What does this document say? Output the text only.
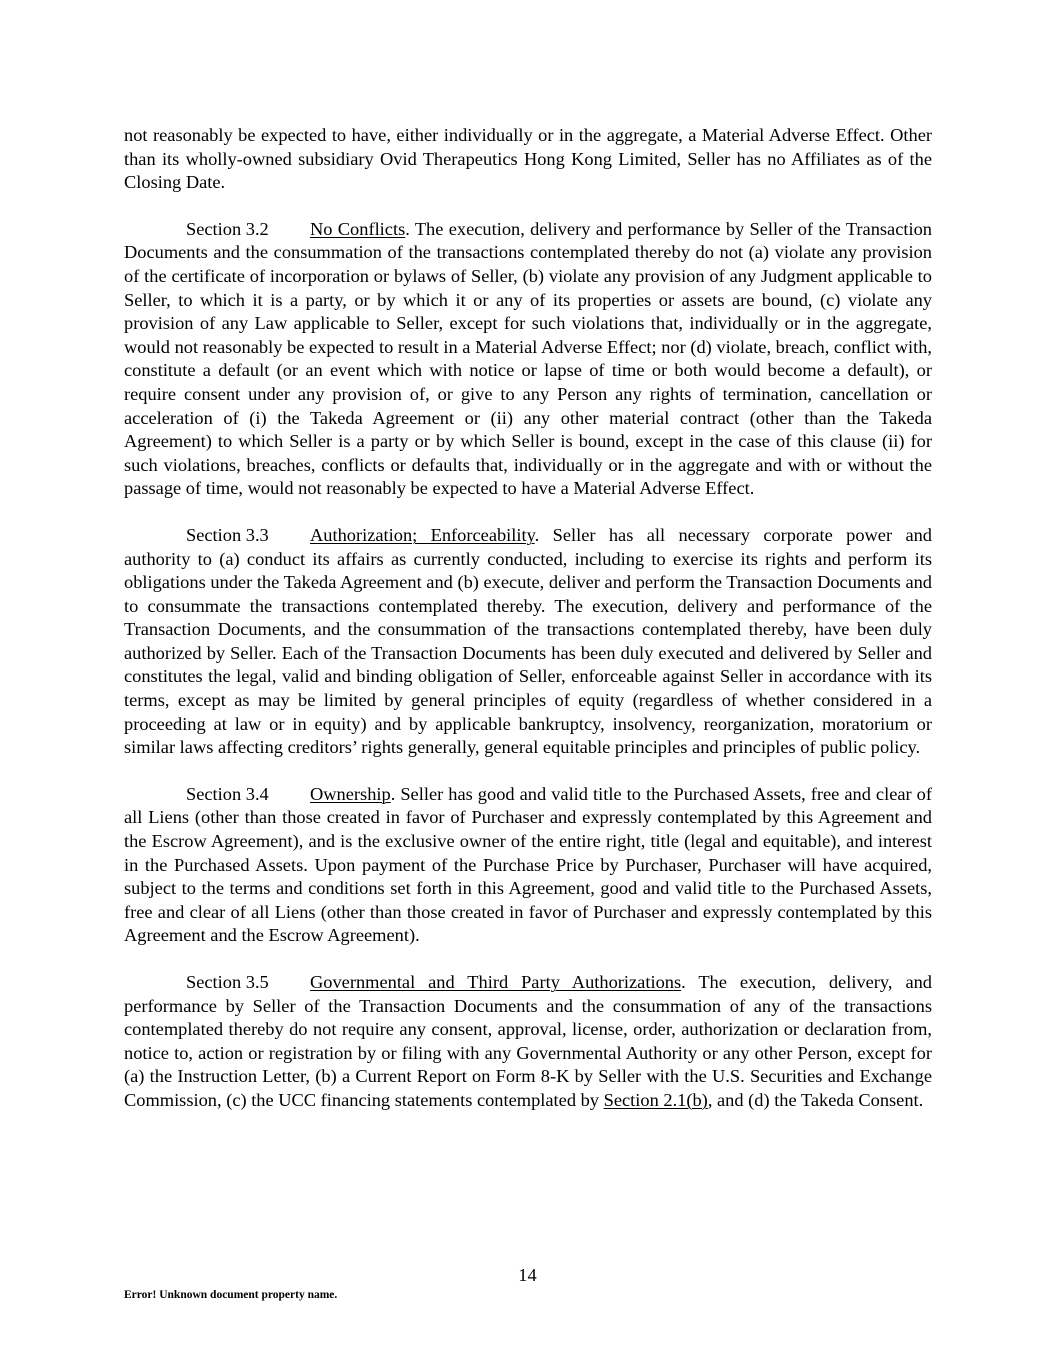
not reasonably be expected to have, either individually or in the aggregate, a Material Adverse Effect. Other than its wholly-owned subsidiary Ovid Therapeutics Hong Kong Limited, Seller has no Affiliates as of the Closing Date.

Section 3.2 No Conflicts. The execution, delivery and performance by Seller of the Transaction Documents and the consummation of the transactions contemplated thereby do not (a) violate any provision of the certificate of incorporation or bylaws of Seller, (b) violate any provision of any Judgment applicable to Seller, to which it is a party, or by which it or any of its properties or assets are bound, (c) violate any provision of any Law applicable to Seller, except for such violations that, individually or in the aggregate, would not reasonably be expected to result in a Material Adverse Effect; nor (d) violate, breach, conflict with, constitute a default (or an event which with notice or lapse of time or both would become a default), or require consent under any provision of, or give to any Person any rights of termination, cancellation or acceleration of (i) the Takeda Agreement or (ii) any other material contract (other than the Takeda Agreement) to which Seller is a party or by which Seller is bound, except in the case of this clause (ii) for such violations, breaches, conflicts or defaults that, individually or in the aggregate and with or without the passage of time, would not reasonably be expected to have a Material Adverse Effect.

Section 3.3 Authorization; Enforceability. Seller has all necessary corporate power and authority to (a) conduct its affairs as currently conducted, including to exercise its rights and perform its obligations under the Takeda Agreement and (b) execute, deliver and perform the Transaction Documents and to consummate the transactions contemplated thereby. The execution, delivery and performance of the Transaction Documents, and the consummation of the transactions contemplated thereby, have been duly authorized by Seller. Each of the Transaction Documents has been duly executed and delivered by Seller and constitutes the legal, valid and binding obligation of Seller, enforceable against Seller in accordance with its terms, except as may be limited by general principles of equity (regardless of whether considered in a proceeding at law or in equity) and by applicable bankruptcy, insolvency, reorganization, moratorium or similar laws affecting creditors’ rights generally, general equitable principles and principles of public policy.

Section 3.4 Ownership. Seller has good and valid title to the Purchased Assets, free and clear of all Liens (other than those created in favor of Purchaser and expressly contemplated by this Agreement and the Escrow Agreement), and is the exclusive owner of the entire right, title (legal and equitable), and interest in the Purchased Assets. Upon payment of the Purchase Price by Purchaser, Purchaser will have acquired, subject to the terms and conditions set forth in this Agreement, good and valid title to the Purchased Assets, free and clear of all Liens (other than those created in favor of Purchaser and expressly contemplated by this Agreement and the Escrow Agreement).

Section 3.5 Governmental and Third Party Authorizations. The execution, delivery, and performance by Seller of the Transaction Documents and the consummation of any of the transactions contemplated thereby do not require any consent, approval, license, order, authorization or declaration from, notice to, action or registration by or filing with any Governmental Authority or any other Person, except for (a) the Instruction Letter, (b) a Current Report on Form 8-K by Seller with the U.S. Securities and Exchange Commission, (c) the UCC financing statements contemplated by Section 2.1(b), and (d) the Takeda Consent.

14
Error! Unknown document property name.
